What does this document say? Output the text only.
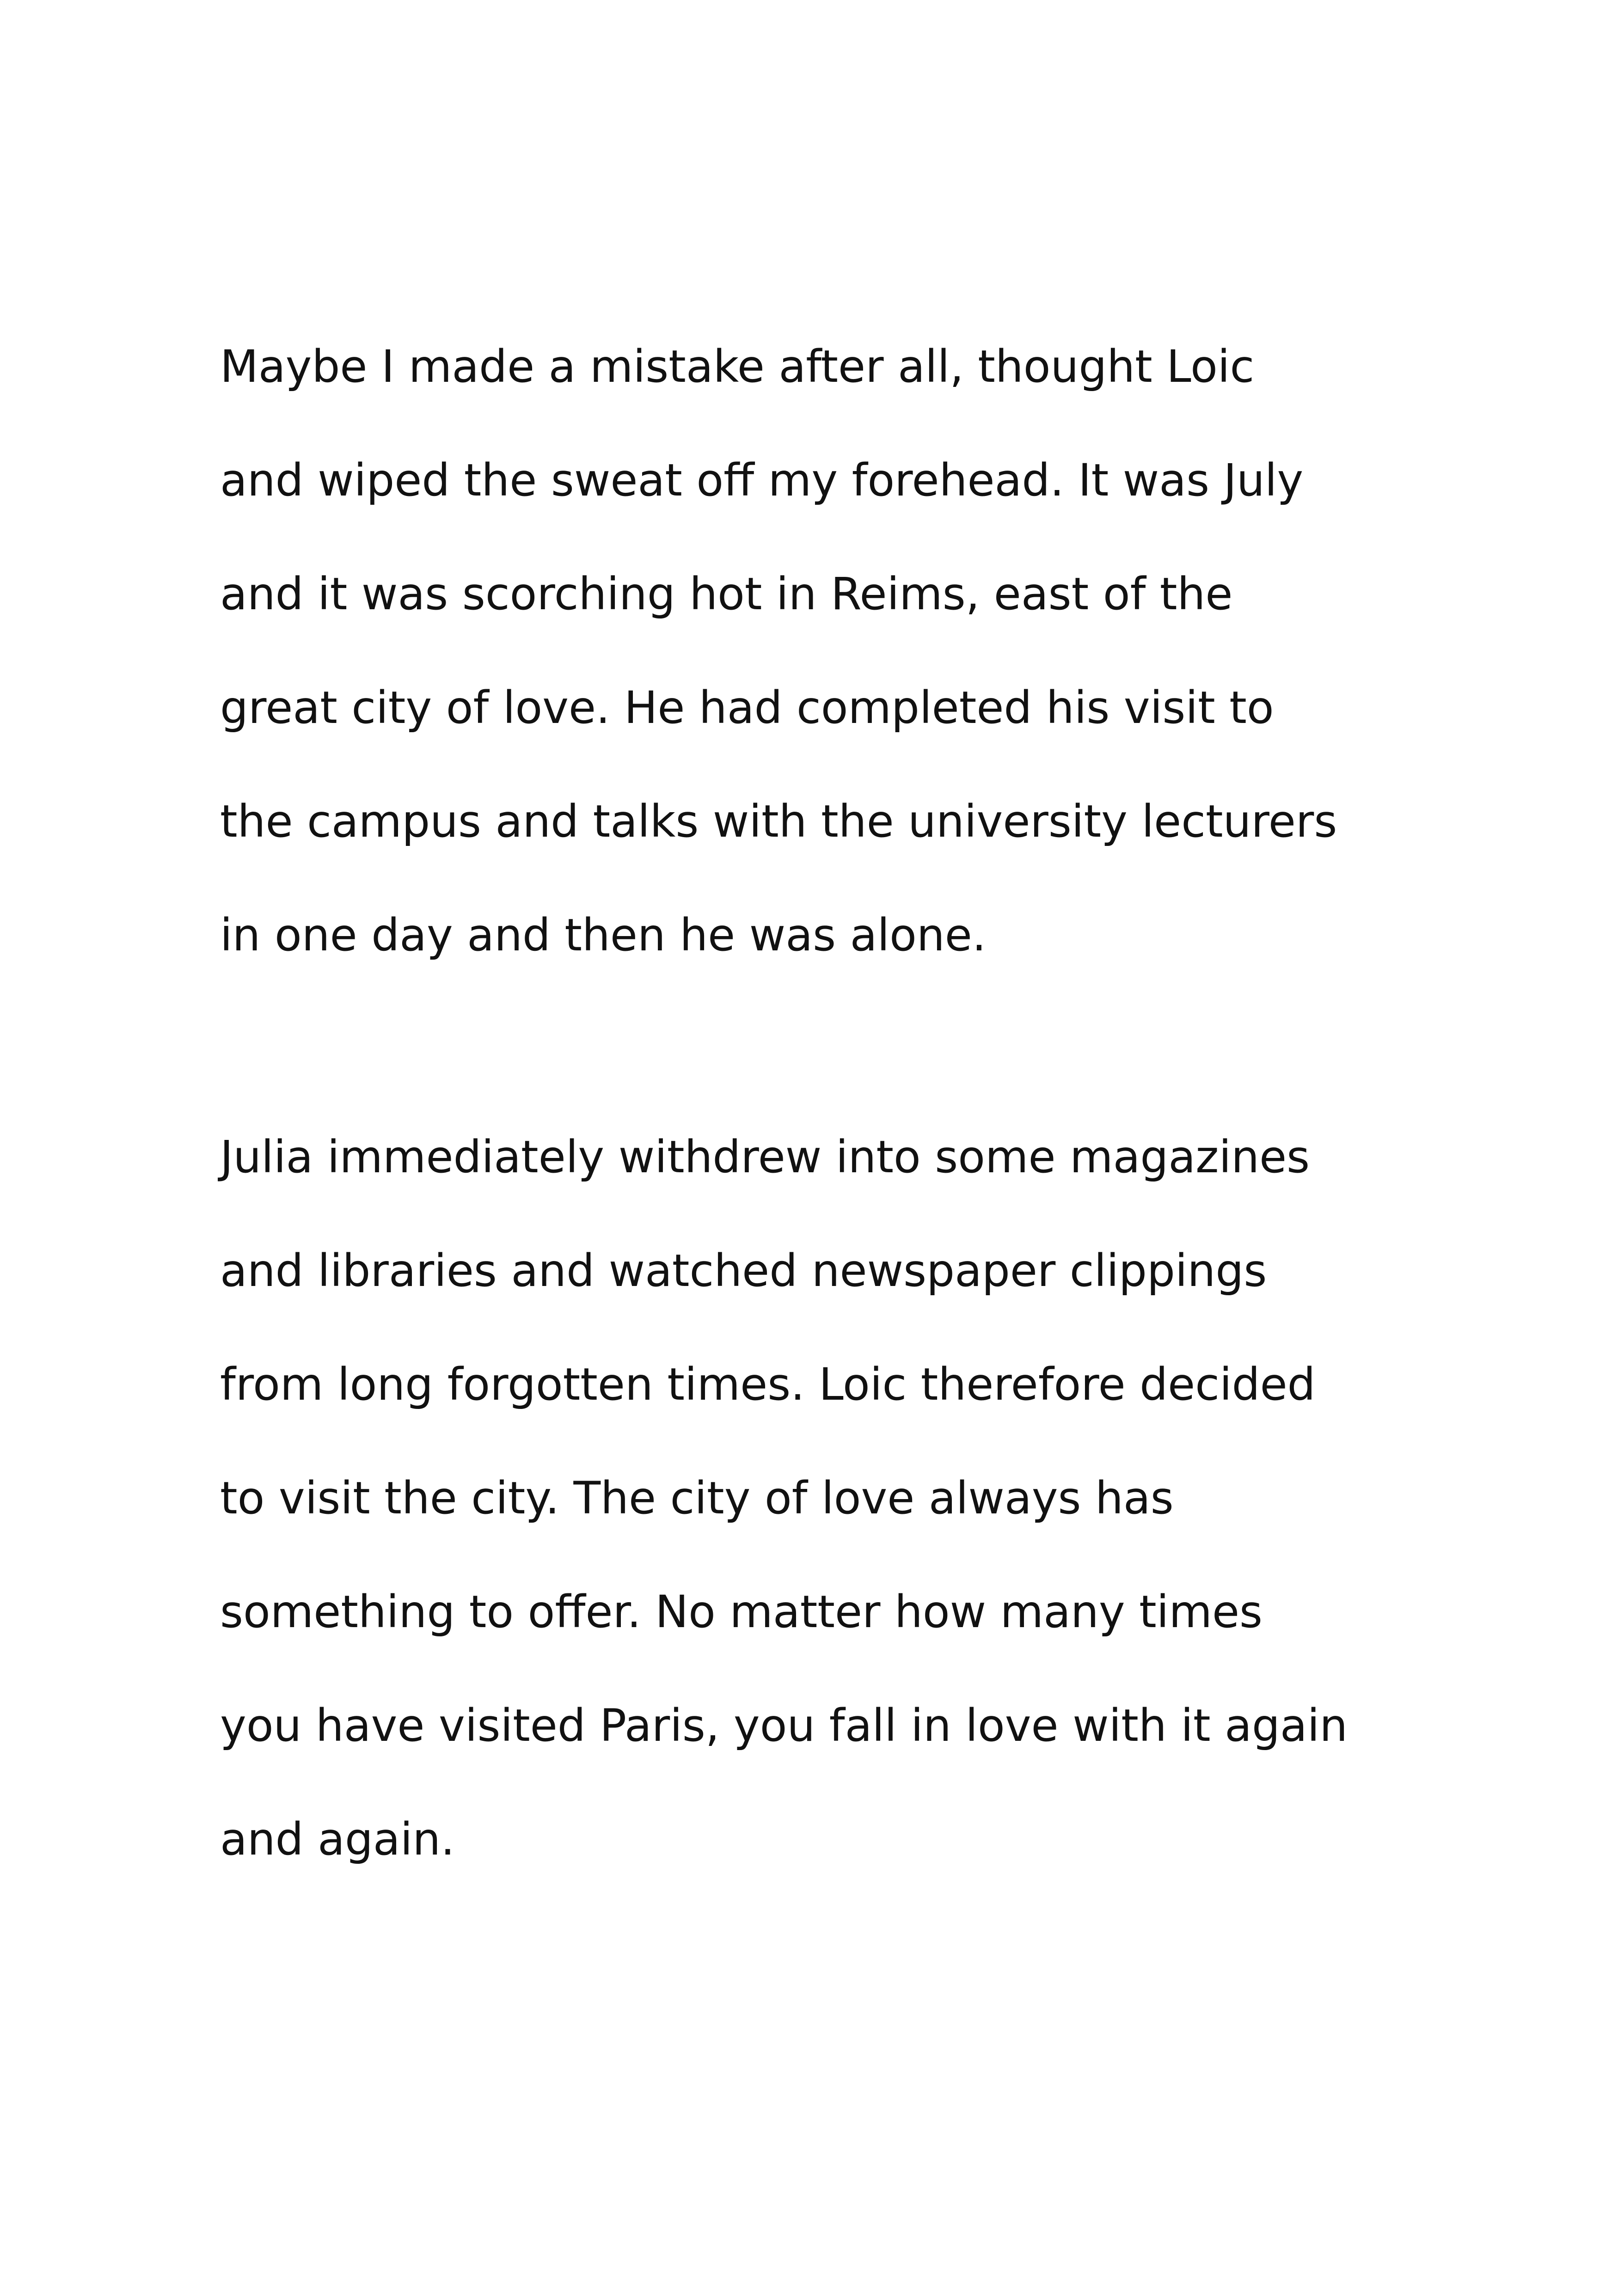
Maybe I made a mistake after all, thought Loic
and wiped the sweat off my forehead. It was July
and it was scorching hot in Reims, east of the
great city of love. He had completed his visit to
the campus and talks with the university lecturers
in one day and then he was alone.
Julia immediately withdrew into some magazines
and libraries and watched newspaper clippings
from long forgotten times. Loic therefore decided
to visit the city. The city of love always has
something to offer. No matter how many times
you have visited Paris, you fall in love with it again
and again.
